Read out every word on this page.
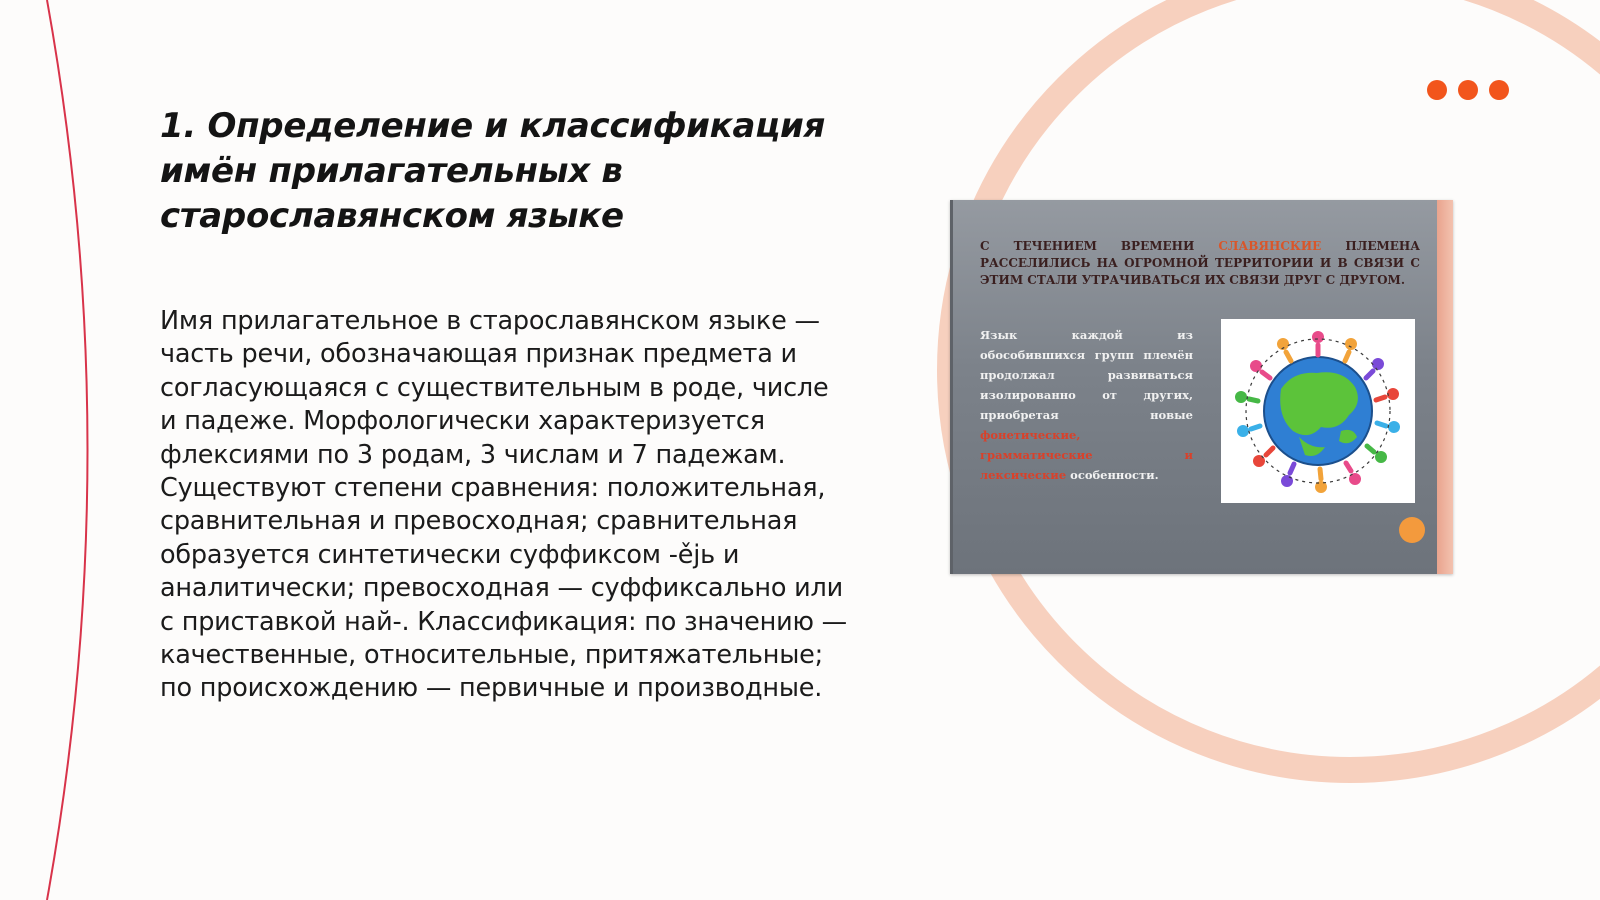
1. Определение и классификация имён прилагательных в старославянском языке

Имя прилагательное в старославянском языке — часть речи, обозначающая признак предмета и согласующаяся с существительным в роде, числе и падеже. Морфологически характеризуется флексиями по 3 родам, 3 числам и 7 падежам. Существуют степени сравнения: положительная, сравнительная и превосходная; сравнительная образуется синтетически суффиксом -ějь и аналитически; превосходная — суффиксально или с приставкой най-. Классификация: по значению — качественные, относительные, притяжательные; по происхождению — первичные и производные.

С ТЕЧЕНИЕМ ВРЕМЕНИ СЛАВЯНСКИЕ ПЛЕМЕНА РАССЕЛИЛИСЬ НА ОГРОМНОЙ ТЕРРИТОРИИ И В СВЯЗИ С ЭТИМ СТАЛИ УТРАЧИВАТЬСЯ ИХ СВЯЗИ ДРУГ С ДРУГОМ.

Язык каждой из обособившихся групп племён продолжал развиваться изолированно от других, приобретая новые фонетические, грамматические и лексические особенности.
